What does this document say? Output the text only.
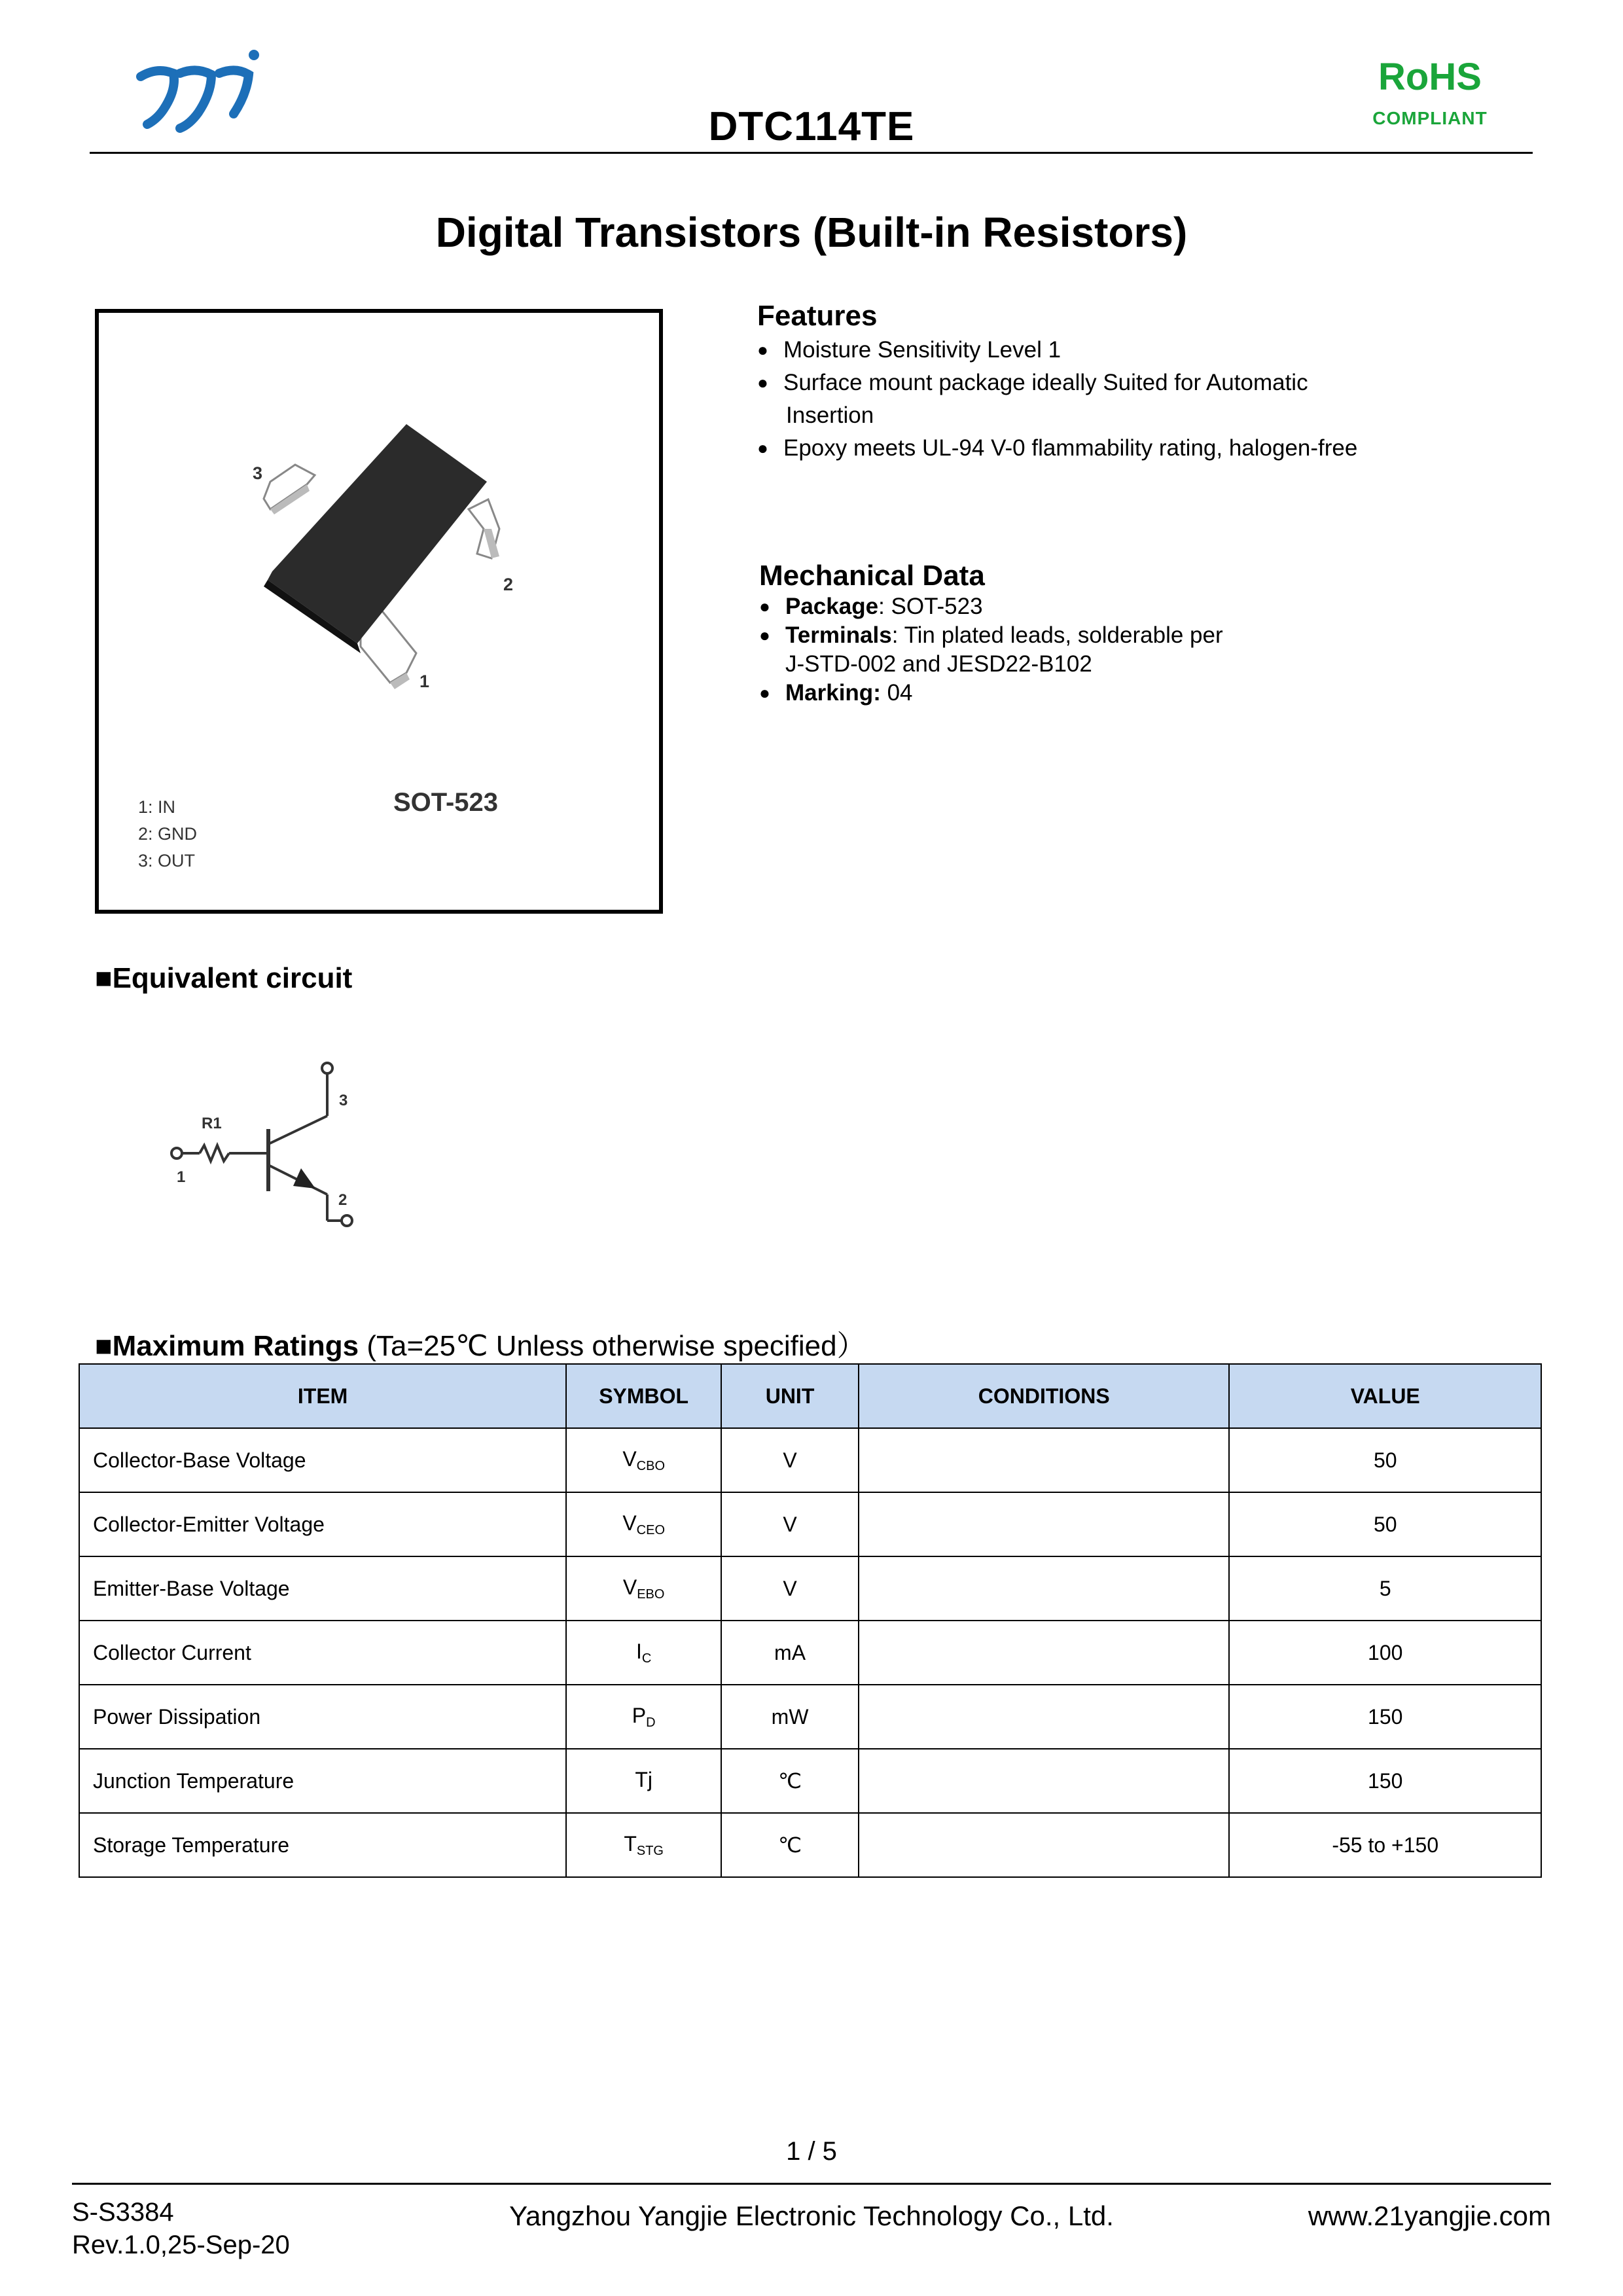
DTC114TE
RoHS
COMPLIANT
Digital Transistors (Built-in Resistors)
3
2
1
SOT-523
1: IN
2: GND
3: OUT
Features
● Moisture Sensitivity Level 1
● Surface mount package ideally Suited for Automatic
Insertion
● Epoxy meets UL-94 V-0 flammability rating, halogen-free
Mechanical Data
● Package: SOT-523
● Terminals: Tin plated leads, solderable per
J-STD-002 and JESD22-B102
● Marking: 04
■Equivalent circuit
R1
1
2
3
■Maximum Ratings (Ta=25℃ Unless otherwise specified）
ITEM	SYMBOL	UNIT	CONDITIONS	VALUE
Collector-Base Voltage	$V_{CBO}$	V		50
Collector-Emitter Voltage	$V_{CEO}$	V		50
Emitter-Base Voltage	$V_{EBO}$	V		5
Collector Current	$I_C$	mA		100
Power Dissipation	$P_D$	mW		150
Junction Temperature	Tj	℃		150
Storage Temperature	$T_{STG}$	℃		-55 to +150
1 / 5
S-S3384
Rev.1.0,25-Sep-20
Yangzhou Yangjie Electronic Technology Co., Ltd.	www.21yangjie.com
